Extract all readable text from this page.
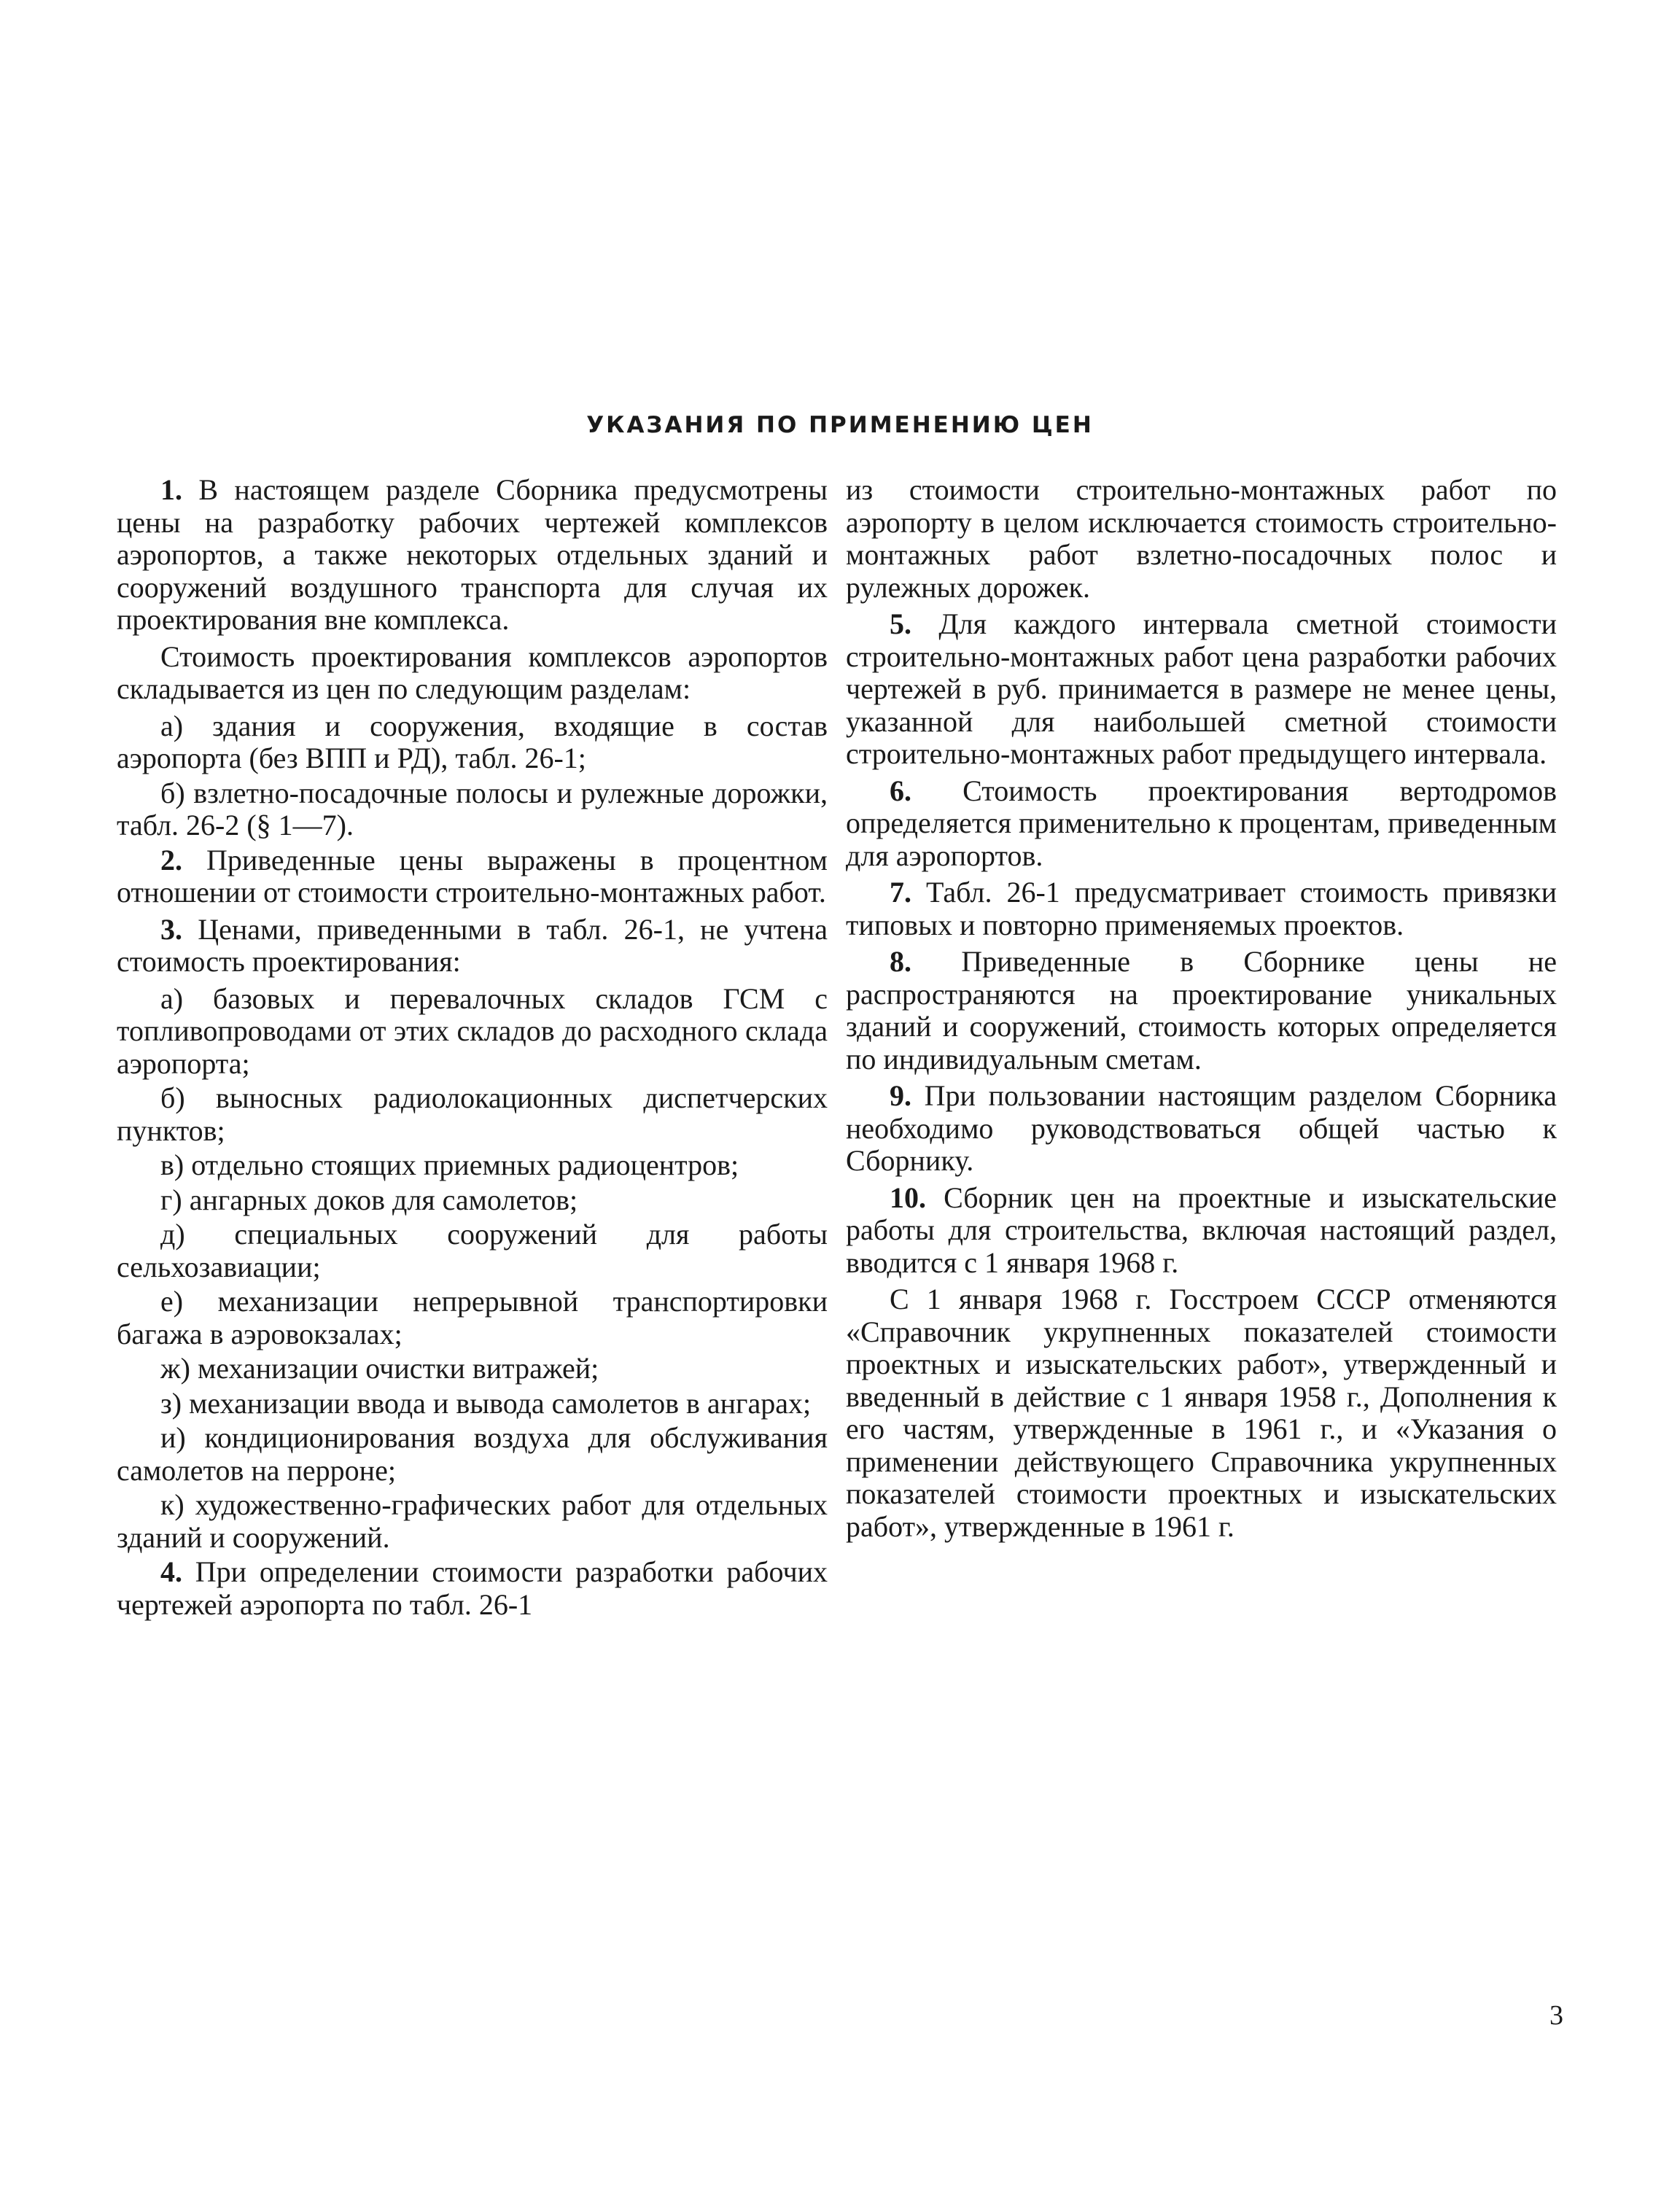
УКАЗАНИЯ ПО ПРИМЕНЕНИЮ ЦЕН

1. В настоящем разделе Сборника предусмотрены цены на разработку рабочих чертежей комплексов аэропортов, а также некоторых отдельных зданий и сооружений воздушного транспорта для случая их проектирования вне комплекса.

Стоимость проектирования комплексов аэропортов складывается из цен по следующим разделам:

а) здания и сооружения, входящие в состав аэропорта (без ВПП и РД), табл. 26-1;

б) взлетно-посадочные полосы и рулежные дорожки, табл. 26-2 (§ 1—7).

2. Приведенные цены выражены в процентном отношении от стоимости строительно-монтажных работ.

3. Ценами, приведенными в табл. 26-1, не учтена стоимость проектирования:

а) базовых и перевалочных складов ГСМ с топливопроводами от этих складов до расходного склада аэропорта;

б) выносных радиолокационных диспетчерских пунктов;

в) отдельно стоящих приемных радиоцентров;

г) ангарных доков для самолетов;

д) специальных сооружений для работы сельхозавиации;

е) механизации непрерывной транспортировки багажа в аэровокзалах;

ж) механизации очистки витражей;

з) механизации ввода и вывода самолетов в ангарах;

и) кондиционирования воздуха для обслуживания самолетов на перроне;

к) художественно-графических работ для отдельных зданий и сооружений.

4. При определении стоимости разработки рабочих чертежей аэропорта по табл. 26-1

из стоимости строительно-монтажных работ по аэропорту в целом исключается стоимость строительно-монтажных работ взлетно-посадочных полос и рулежных дорожек.

5. Для каждого интервала сметной стоимости строительно-монтажных работ цена разработки рабочих чертежей в руб. принимается в размере не менее цены, указанной для наибольшей сметной стоимости строительно-монтажных работ предыдущего интервала.

6. Стоимость проектирования вертодромов определяется применительно к процентам, приведенным для аэропортов.

7. Табл. 26-1 предусматривает стоимость привязки типовых и повторно применяемых проектов.

8. Приведенные в Сборнике цены не распространяются на проектирование уникальных зданий и сооружений, стоимость которых определяется по индивидуальным сметам.

9. При пользовании настоящим разделом Сборника необходимо руководствоваться общей частью к Сборнику.

10. Сборник цен на проектные и изыскательские работы для строительства, включая настоящий раздел, вводится с 1 января 1968 г.

С 1 января 1968 г. Госстроем СССР отменяются «Справочник укрупненных показателей стоимости проектных и изыскательских работ», утвержденный и введенный в действие с 1 января 1958 г., Дополнения к его частям, утвержденные в 1961 г., и «Указания о применении действующего Справочника укрупненных показателей стоимости проектных и изыскательских работ», утвержденные в 1961 г.

3
